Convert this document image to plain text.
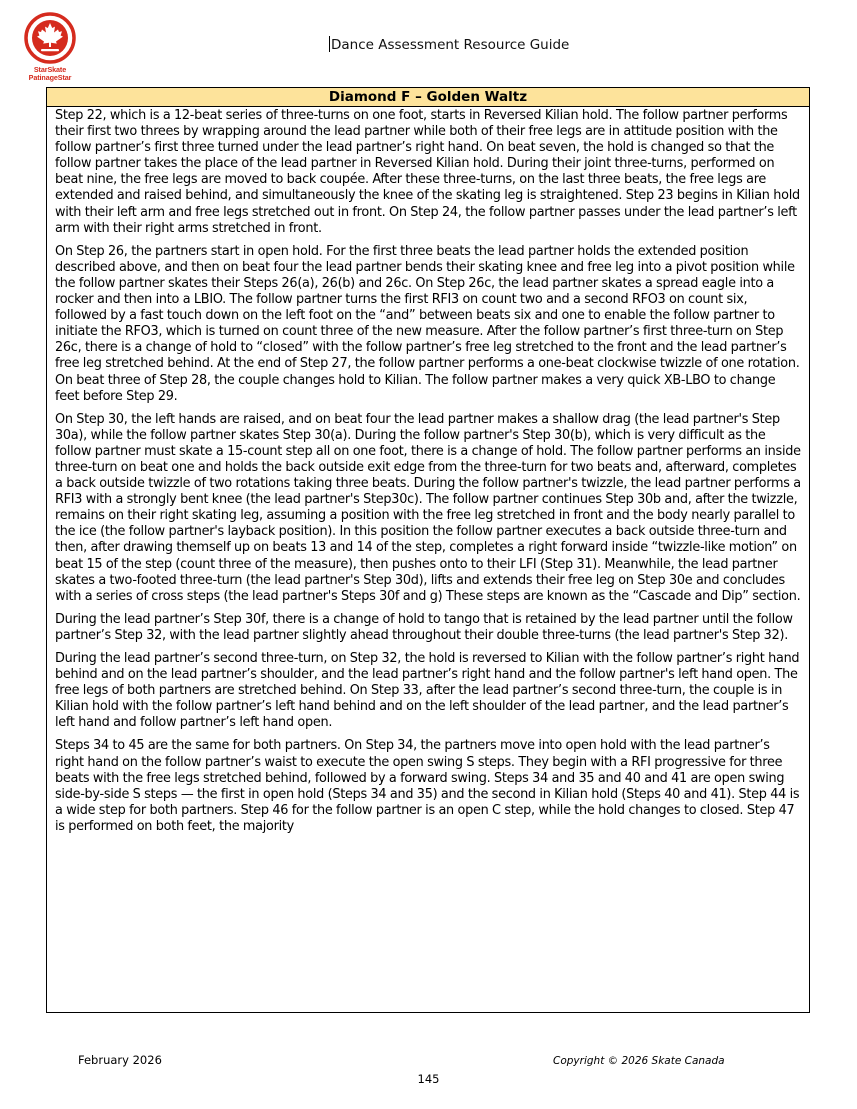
StarSkate
PatinageStar
Dance Assessment Resource Guide
Diamond F – Golden Waltz

Step 22, which is a 12-beat series of three-turns on one foot, starts in Reversed Kilian hold. The follow partner performs their first two threes by wrapping around the lead partner while both of their free legs are in attitude position with the follow partner’s first three turned under the lead partner’s right hand. On beat seven, the hold is changed so that the follow partner takes the place of the lead partner in Reversed Kilian hold. During their joint three-turns, performed on beat nine, the free legs are moved to back coupée. After these three-turns, on the last three beats, the free legs are extended and raised behind, and simultaneously the knee of the skating leg is straightened. Step 23 begins in Kilian hold with their left arm and free legs stretched out in front. On Step 24, the follow partner passes under the lead partner’s left arm with their right arms stretched in front.

On Step 26, the partners start in open hold. For the first three beats the lead partner holds the extended position described above, and then on beat four the lead partner bends their skating knee and free leg into a pivot position while the follow partner skates their Steps 26(a), 26(b) and 26c. On Step 26c, the lead partner skates a spread eagle into a rocker and then into a LBIO. The follow partner turns the first RFI3 on count two and a second RFO3 on count six, followed by a fast touch down on the left foot on the “and” between beats six and one to enable the follow partner to initiate the RFO3, which is turned on count three of the new measure. After the follow partner’s first three-turn on Step 26c, there is a change of hold to “closed” with the follow partner’s free leg stretched to the front and the lead partner’s free leg stretched behind. At the end of Step 27, the follow partner performs a one-beat clockwise twizzle of one rotation. On beat three of Step 28, the couple changes hold to Kilian. The follow partner makes a very quick XB-LBO to change feet before Step 29.

On Step 30, the left hands are raised, and on beat four the lead partner makes a shallow drag (the lead partner's Step 30a), while the follow partner skates Step 30(a). During the follow partner's Step 30(b), which is very difficult as the follow partner must skate a 15-count step all on one foot, there is a change of hold. The follow partner performs an inside three-turn on beat one and holds the back outside exit edge from the three-turn for two beats and, afterward, completes a back outside twizzle of two rotations taking three beats. During the follow partner's twizzle, the lead partner performs a RFI3 with a strongly bent knee (the lead partner's Step30c). The follow partner continues Step 30b and, after the twizzle, remains on their right skating leg, assuming a position with the free leg stretched in front and the body nearly parallel to the ice (the follow partner's layback position). In this position the follow partner executes a back outside three-turn and then, after drawing themself up on beats 13 and 14 of the step, completes a right forward inside “twizzle-like motion” on beat 15 of the step (count three of the measure), then pushes onto to their LFI (Step 31). Meanwhile, the lead partner skates a two-footed three-turn (the lead partner's Step 30d), lifts and extends their free leg on Step 30e and concludes with a series of cross steps (the lead partner's Steps 30f and g) These steps are known as the “Cascade and Dip” section.

During the lead partner’s Step 30f, there is a change of hold to tango that is retained by the lead partner until the follow partner’s Step 32, with the lead partner slightly ahead throughout their double three-turns (the lead partner's Step 32).

During the lead partner’s second three-turn, on Step 32, the hold is reversed to Kilian with the follow partner’s right hand behind and on the lead partner’s shoulder, and the lead partner’s right hand and the follow partner's left hand open. The free legs of both partners are stretched behind. On Step 33, after the lead partner’s second three-turn, the couple is in Kilian hold with the follow partner’s left hand behind and on the left shoulder of the lead partner, and the lead partner’s left hand and follow partner’s left hand open.

Steps 34 to 45 are the same for both partners. On Step 34, the partners move into open hold with the lead partner’s right hand on the follow partner’s waist to execute the open swing S steps. They begin with a RFI progressive for three beats with the free legs stretched behind, followed by a forward swing. Steps 34 and 35 and 40 and 41 are open swing side-by-side S steps — the first in open hold (Steps 34 and 35) and the second in Kilian hold (Steps 40 and 41). Step 44 is a wide step for both partners. Step 46 for the follow partner is an open C step, while the hold changes to closed. Step 47 is performed on both feet, the majority

February 2026	Copyright © 2026 Skate Canada
145
